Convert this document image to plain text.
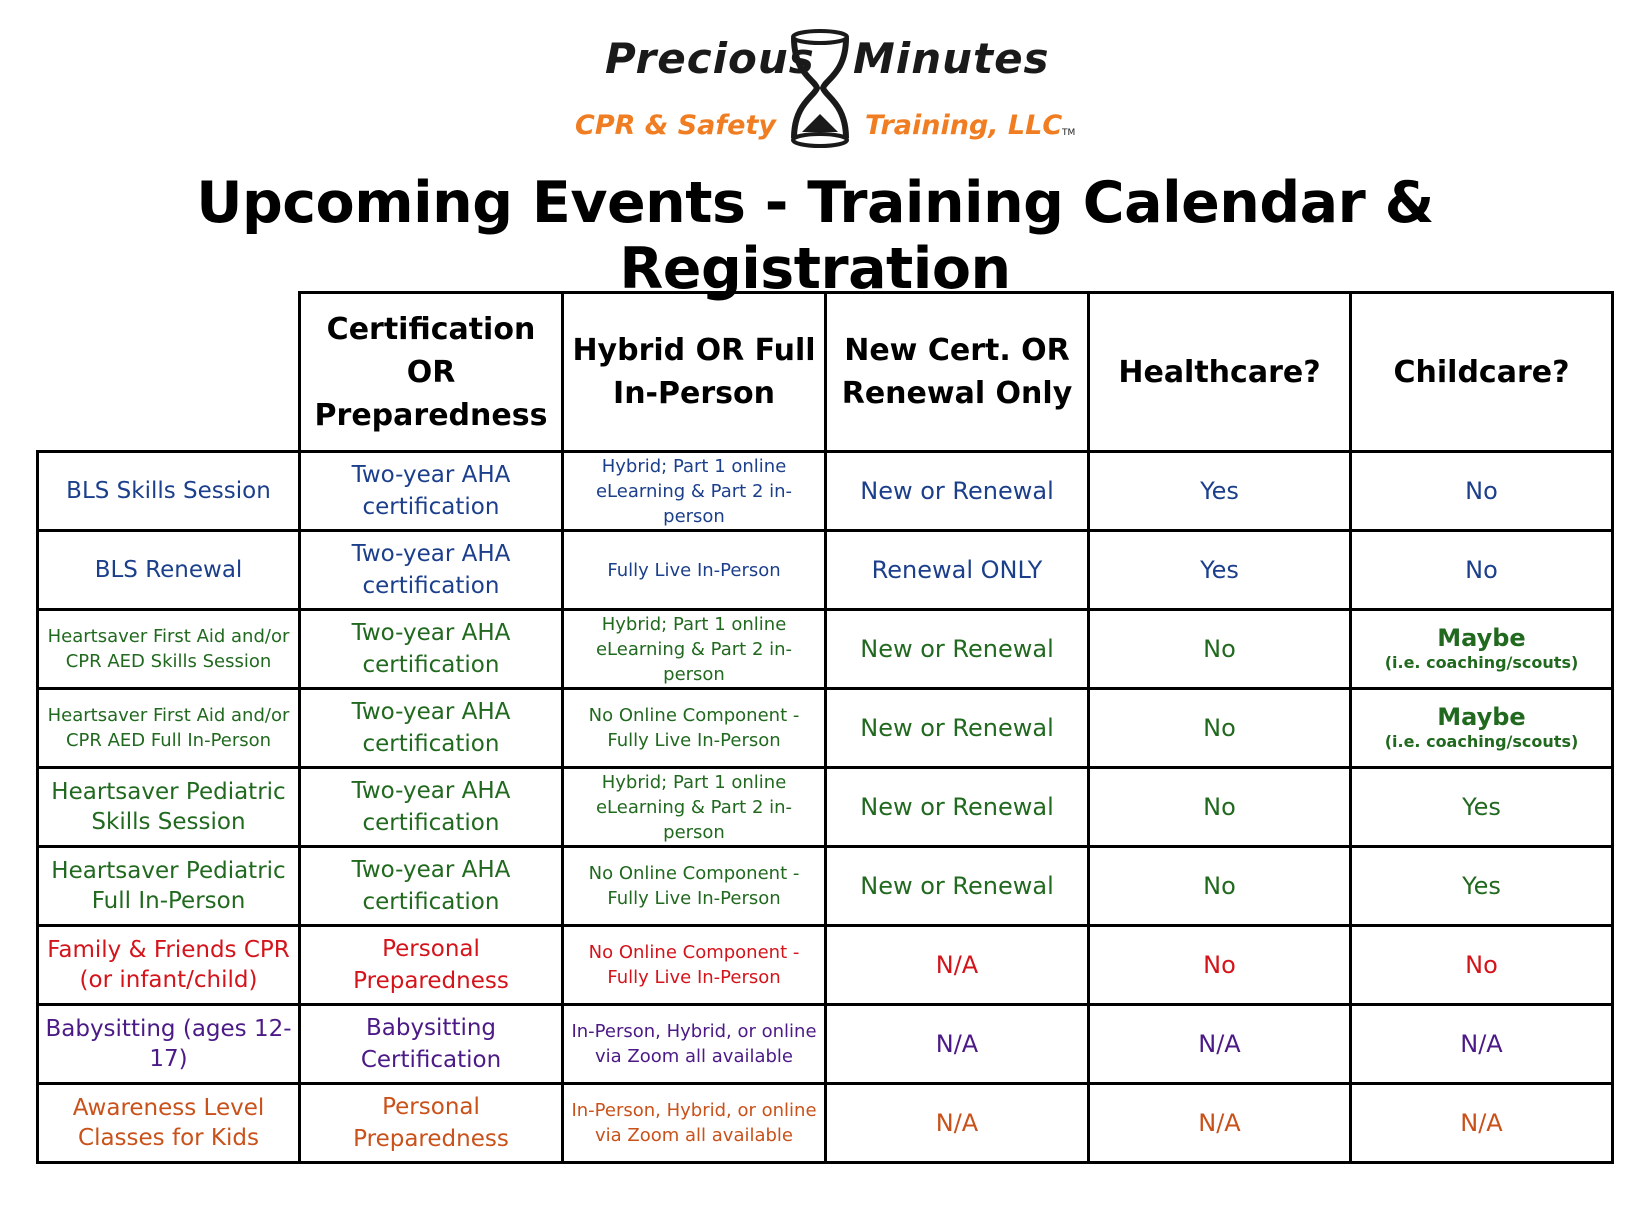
Precious Minutes
CPR & Safety	Training, LLC TM
Upcoming Events - Training Calendar & Registration
	Certification OR Preparedness	Hybrid OR Full In-Person	New Cert. OR Renewal Only	Healthcare?	Childcare?
BLS Skills Session	Two-year AHA certification	Hybrid; Part 1 online eLearning & Part 2 in-person	New or Renewal	Yes	No
BLS Renewal	Two-year AHA certification	Fully Live In-Person	Renewal ONLY	Yes	No
Heartsaver First Aid and/or CPR AED Skills Session	Two-year AHA certification	Hybrid; Part 1 online eLearning & Part 2 in-person	New or Renewal	No	Maybe
(i.e. coaching/scouts)

Heartsaver First Aid and/or CPR AED Full In-Person	Two-year AHA certification	No Online Component - Fully Live In-Person	New or Renewal	No	Maybe
(i.e. coaching/scouts)

Heartsaver Pediatric Skills Session	Two-year AHA certification	Hybrid; Part 1 online eLearning & Part 2 in-person	New or Renewal	No	Yes
Heartsaver Pediatric Full In-Person	Two-year AHA certification	No Online Component - Fully Live In-Person	New or Renewal	No	Yes
Family & Friends CPR (or infant/child)	Personal Preparedness	No Online Component - Fully Live In-Person	N/A	No	No
Babysitting (ages 12-17)	Babysitting Certification	In-Person, Hybrid, or online via Zoom all available	N/A	N/A	N/A
Awareness Level Classes for Kids	Personal Preparedness	In-Person, Hybrid, or online via Zoom all available	N/A	N/A	N/A
